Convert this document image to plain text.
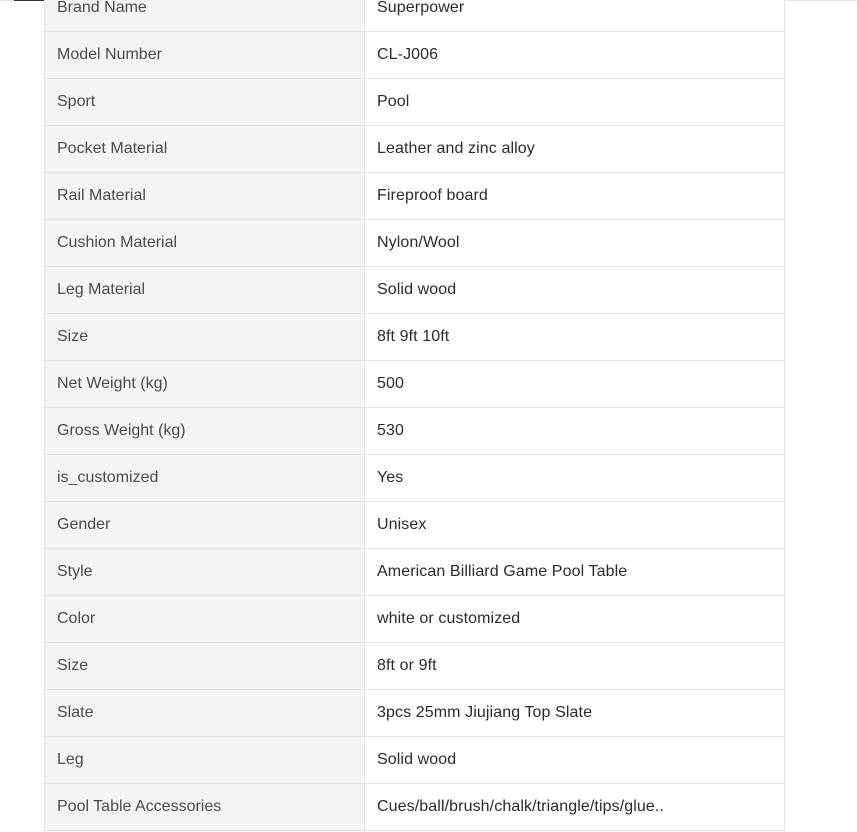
Brand Name	Superpower
Model Number	CL-J006
Sport	Pool
Pocket Material	Leather and zinc alloy
Rail Material	Fireproof board
Cushion Material	Nylon/Wool
Leg Material	Solid wood
Size	8ft 9ft 10ft
Net Weight (kg)	500
Gross Weight (kg)	530
is_customized	Yes
Gender	Unisex
Style	American Billiard Game Pool Table
Color	white or customized
Size	8ft or 9ft
Slate	3pcs 25mm Jiujiang Top Slate
Leg	Solid wood
Pool Table Accessories	Cues/ball/brush/chalk/triangle/tips/glue..
